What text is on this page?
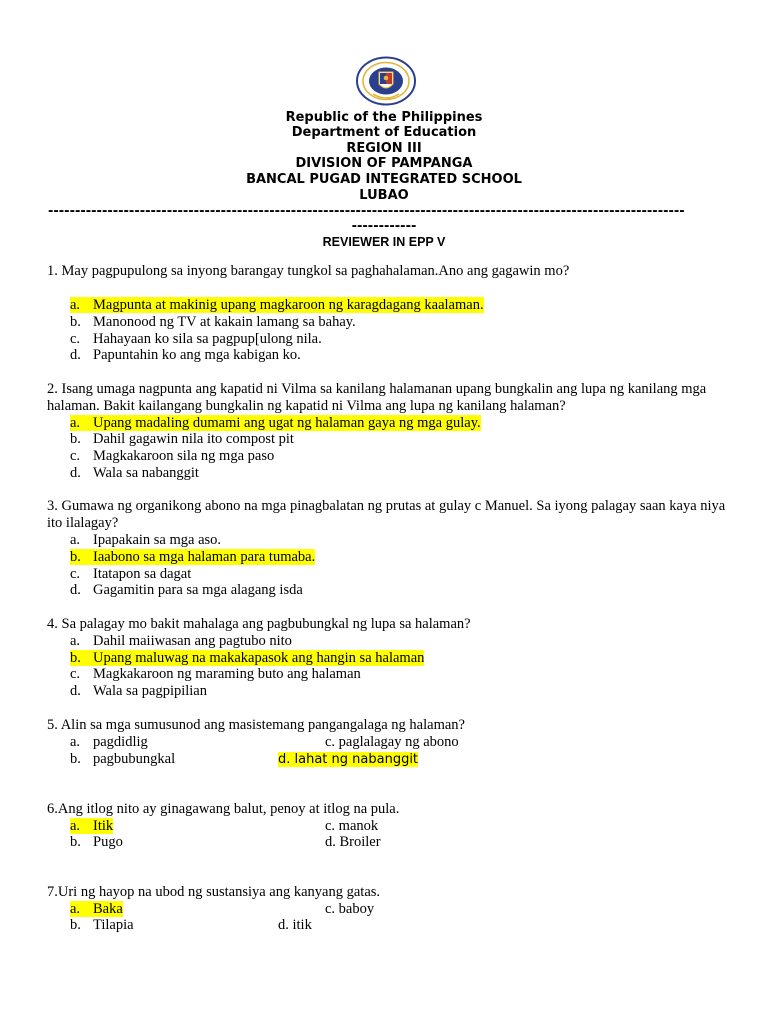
Republic of the Philippines
Department of Education
REGION III
DIVISION OF PAMPANGA
BANCAL PUGAD INTEGRATED SCHOOL
LUBAO
----------------------------------------------------------------------------------------------------------------------
------------
REVIEWER IN EPP V
1. May pagpupulong sa inyong barangay tungkol sa paghahalaman.Ano ang gagawin mo?
a. Magpunta at makinig upang magkaroon ng karagdagang kaalaman.
b. Manonood ng TV at kakain lamang sa bahay.
c. Hahayaan ko sila sa pagpup[ulong nila.
d. Papuntahin ko ang mga kabigan ko.
2. Isang umaga nagpunta ang kapatid ni Vilma sa kanilang halamanan upang bungkalin ang lupa ng kanilang mga halaman. Bakit kailangang bungkalin ng kapatid ni Vilma ang lupa ng kanilang halaman?
a. Upang madaling dumami ang ugat ng halaman gaya ng mga gulay.
b. Dahil gagawin nila ito compost pit
c. Magkakaroon sila ng mga paso
d. Wala sa nabanggit
3. Gumawa ng organikong abono na mga pinagbalatan ng prutas at gulay c Manuel. Sa iyong palagay saan kaya niya ito ilalagay?
a. Ipapakain sa mga aso.
b. Iaabono sa mga halaman para tumaba.
c. Itatapon sa dagat
d. Gagamitin para sa mga alagang isda
4. Sa palagay mo bakit mahalaga ang pagbubungkal ng lupa sa halaman?
a. Dahil maiiwasan ang pagtubo nito
b. Upang maluwag na makakapasok ang hangin sa halaman
c. Magkakaroon ng maraming buto ang halaman
d. Wala sa pagpipilian
5. Alin sa mga sumusunod ang masistemang pangangalaga ng halaman?
a. pagdidlig	c. paglalagay ng abono
b. pagbubungkal	d. lahat ng nabanggit
6.Ang itlog nito ay ginagawang balut, penoy at itlog na pula.
a. Itik	c. manok
b. Pugo	d. Broiler
7.Uri ng hayop na ubod ng sustansiya ang kanyang gatas.
a. Baka	c. baboy
b. Tilapia	d. itik
